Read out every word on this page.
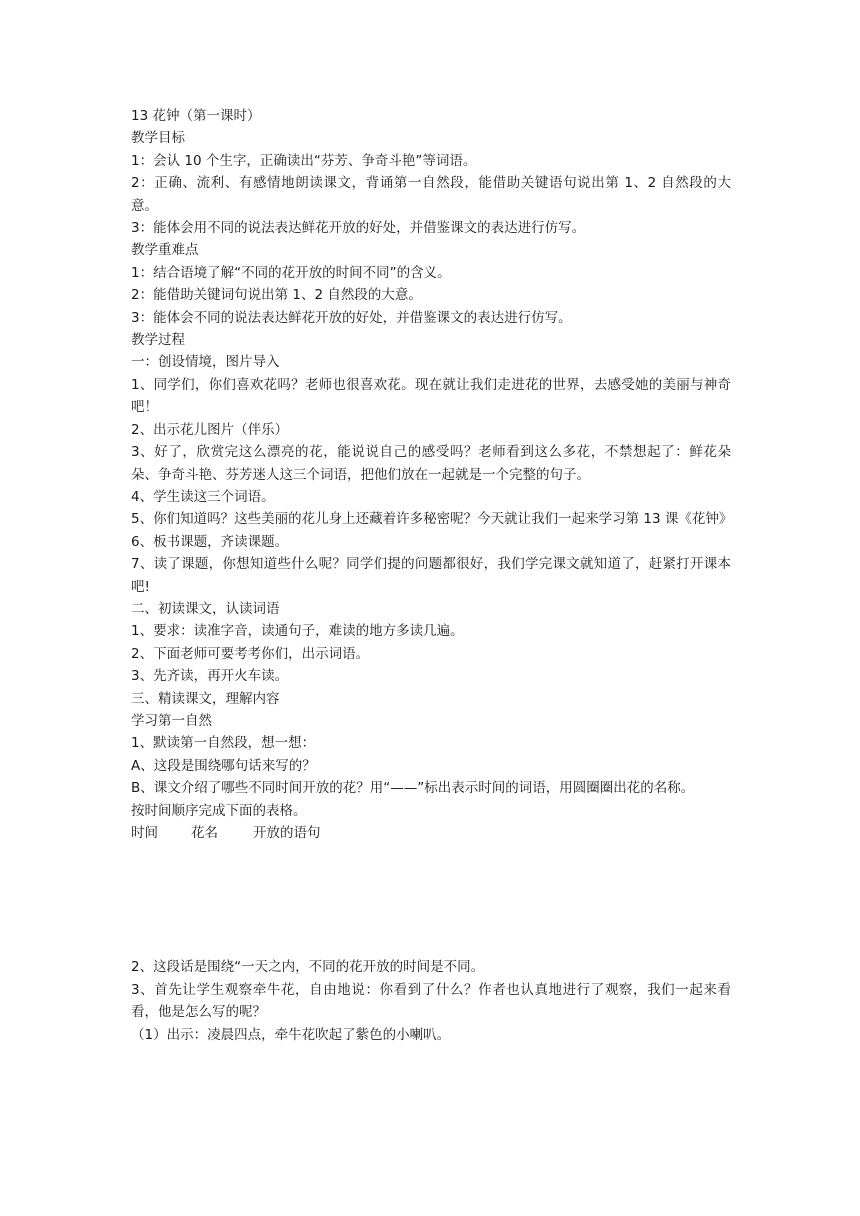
13 花钟（第一课时）
教学目标
1：会认 10 个生字，正确读出“芬芳、争奇斗艳”等词语。
2：正确、流利、有感情地朗读课文，背诵第一自然段，能借助关键语句说出第 1、2 自然段的大意。
3：能体会用不同的说法表达鲜花开放的好处，并借鉴课文的表达进行仿写。
教学重难点
1：结合语境了解“不同的花开放的时间不同”的含义。
2：能借助关键词句说出第 1、2 自然段的大意。
3：能体会不同的说法表达鲜花开放的好处，并借鉴课文的表达进行仿写。
教学过程
一：创设情境，图片导入
1、同学们，你们喜欢花吗？老师也很喜欢花。现在就让我们走进花的世界，去感受她的美丽与神奇吧！
2、出示花儿图片（伴乐）
3、好了，欣赏完这么漂亮的花，能说说自己的感受吗？老师看到这么多花，不禁想起了：鲜花朵朵、争奇斗艳、芬芳迷人这三个词语，把他们放在一起就是一个完整的句子。
4、学生读这三个词语。
5、你们知道吗？这些美丽的花儿身上还藏着许多秘密呢？今天就让我们一起来学习第 13 课《花钟》
6、板书课题，齐读课题。
7、读了课题，你想知道些什么呢？同学们提的问题都很好，我们学完课文就知道了，赶紧打开课本吧!
二、初读课文，认读词语
1、要求：读准字音，读通句子，难读的地方多读几遍。
2、下面老师可要考考你们，出示词语。
3、先齐读，再开火车读。
三、精读课文，理解内容
学习第一自然
1、默读第一自然段，想一想：
A、这段是围绕哪句话来写的？
B、课文介绍了哪些不同时间开放的花？用“——”标出表示时间的词语，用圆圈圈出花的名称。
按时间顺序完成下面的表格。
时间	花名	开放的语句
2、这段话是围绕“一天之内，不同的花开放的时间是不同。
3、首先让学生观察牵牛花，自由地说：你看到了什么？作者也认真地进行了观察，我们一起来看看，他是怎么写的呢？
（1）出示：凌晨四点，牵牛花吹起了紫色的小喇叭。
